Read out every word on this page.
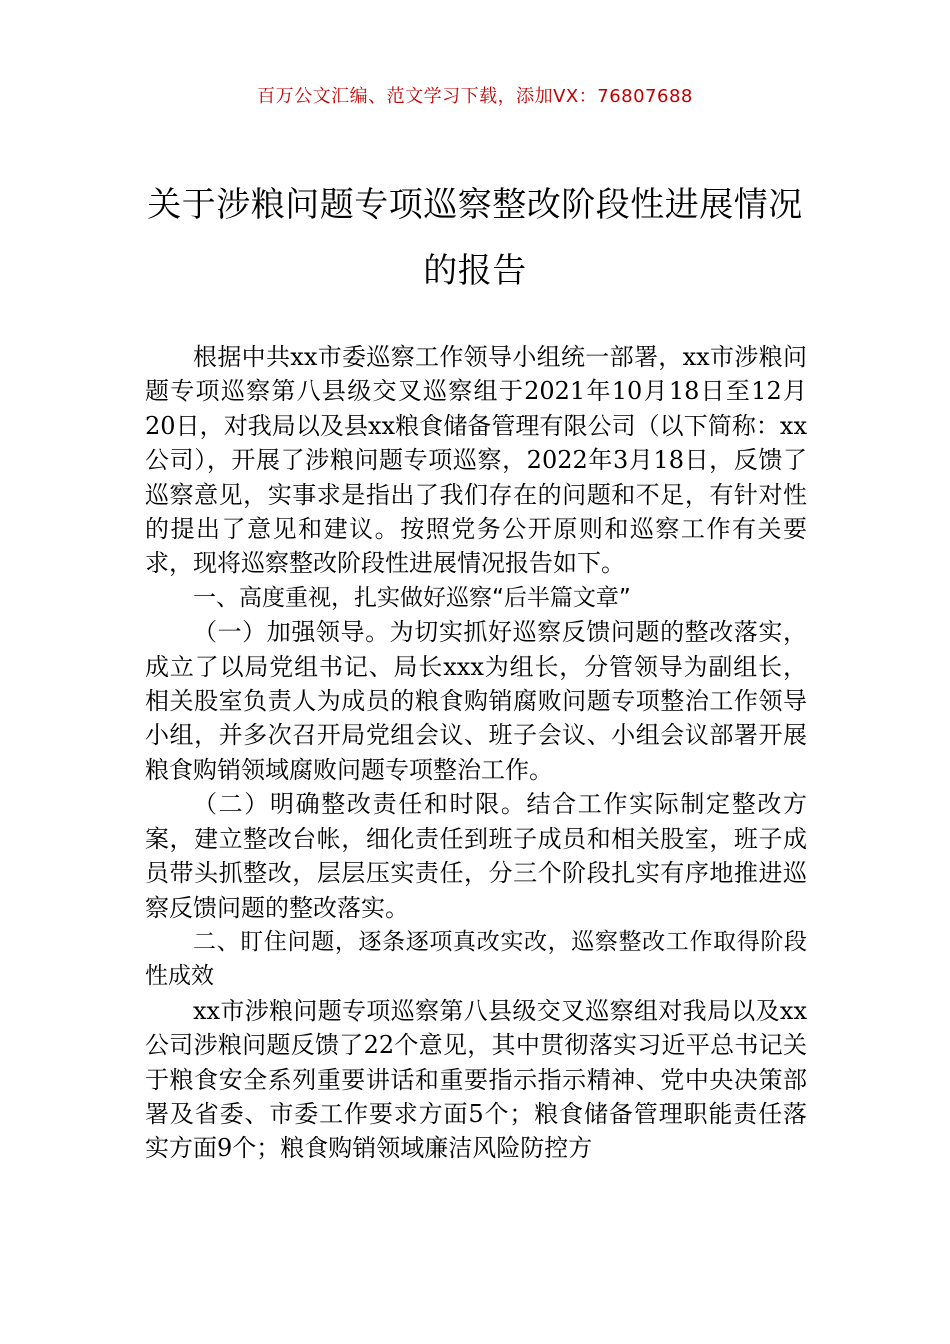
百万公文汇编、范文学习下载，添加VX：76807688
关于涉粮问题专项巡察整改阶段性进展情况的报告

根据中共xx市委巡察工作领导小组统一部署，xx市涉粮问题专项巡察第八县级交叉巡察组于2021年10月18日至12月20日，对我局以及县xx粮食储备管理有限公司（以下简称：xx公司），开展了涉粮问题专项巡察，2022年3月18日，反馈了巡察意见，实事求是指出了我们存在的问题和不足，有针对性的提出了意见和建议。按照党务公开原则和巡察工作有关要求，现将巡察整改阶段性进展情况报告如下。

一、高度重视，扎实做好巡察“后半篇文章”

（一）加强领导。为切实抓好巡察反馈问题的整改落实，成立了以局党组书记、局长xxx为组长，分管领导为副组长，相关股室负责人为成员的粮食购销腐败问题专项整治工作领导小组，并多次召开局党组会议、班子会议、小组会议部署开展粮食购销领域腐败问题专项整治工作。

（二）明确整改责任和时限。结合工作实际制定整改方案，建立整改台帐，细化责任到班子成员和相关股室，班子成员带头抓整改，层层压实责任，分三个阶段扎实有序地推进巡察反馈问题的整改落实。

二、盯住问题，逐条逐项真改实改，巡察整改工作取得阶段性成效

xx市涉粮问题专项巡察第八县级交叉巡察组对我局以及xx公司涉粮问题反馈了22个意见，其中贯彻落实习近平总书记关于粮食安全系列重要讲话和重要指示指示精神、党中央决策部署及省委、市委工作要求方面5个；粮食储备管理职能责任落实方面9个；粮食购销领域廉洁风险防控方
